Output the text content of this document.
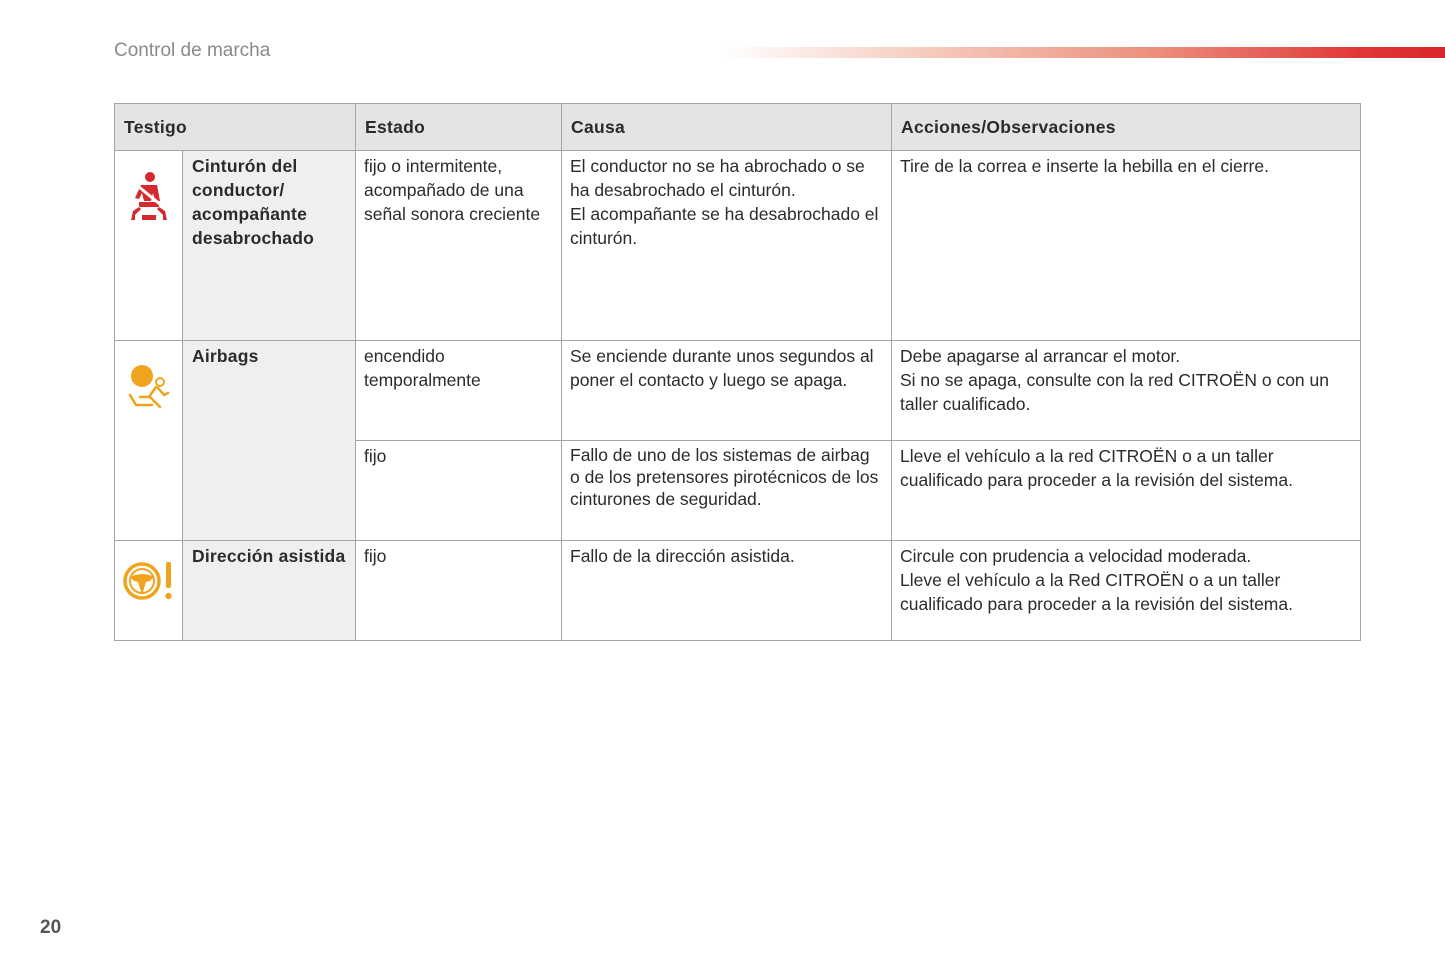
Control de marcha
Testigo		Estado	Causa	Acciones/Observaciones

	Cinturón del conductor/ acompañante desabrochado	fijo o intermitente, acompañado de una señal sonora creciente	El conductor no se ha abrochado o se ha desabrochado el cinturón.
El acompañante se ha desabrochado el cinturón.	Tire de la correa e inserte la hebilla en el cierre.

	Airbags	encendido temporalmente	Se enciende durante unos segundos al poner el contacto y luego se apaga.	Debe apagarse al arrancar el motor.
Si no se apaga, consulte con la red CITROËN o con un taller cualificado.

		fijo	Fallo de uno de los sistemas de airbag o de los pretensores pirotécnicos de los cinturones de seguridad.	Lleve el vehículo a la red CITROËN o a un taller cualificado para proceder a la revisión del sistema.

	Dirección asistida	fijo	Fallo de la dirección asistida.	Circule con prudencia a velocidad moderada.
Lleve el vehículo a la Red CITROËN o a un taller cualificado para proceder a la revisión del sistema.
20
